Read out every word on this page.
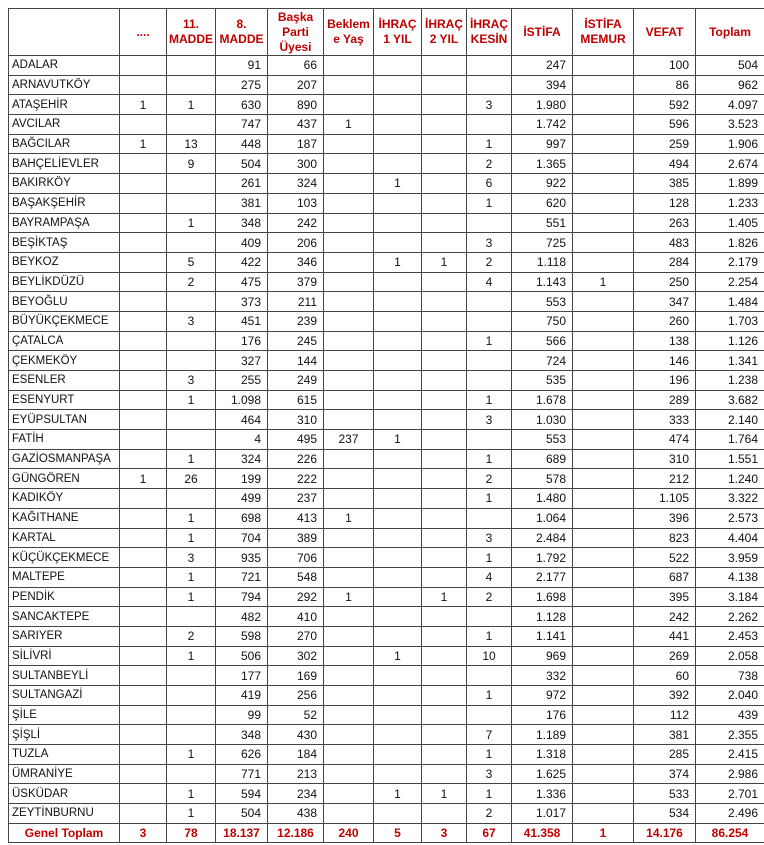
	....	11. MADDE	8. MADDE	Başka Parti Üyesi	Beklem e Yaş	İHRAÇ 1 YIL	İHRAÇ 2 YIL	İHRAÇ KESİN	İSTİFA	İSTİFA MEMUR	VEFAT	Toplam
ADALAR			91	66					247		100	504
ARNAVUTKÖY			275	207					394		86	962
ATAŞEHİR	1	1	630	890				3	1.980		592	4.097
AVCILAR			747	437	1				1.742		596	3.523
BAĞCILAR	1	13	448	187				1	997		259	1.906
BAHÇELİEVLER		9	504	300				2	1.365		494	2.674
BAKIRKÖY			261	324		1		6	922		385	1.899
BAŞAKŞEHİR			381	103				1	620		128	1.233
BAYRAMPAŞA		1	348	242					551		263	1.405
BEŞİKTAŞ			409	206				3	725		483	1.826
BEYKOZ		5	422	346		1	1	2	1.118		284	2.179
BEYLİKDÜZÜ		2	475	379				4	1.143	1	250	2.254
BEYOĞLU			373	211					553		347	1.484
BÜYÜKÇEKMECE		3	451	239					750		260	1.703
ÇATALCA			176	245				1	566		138	1.126
ÇEKMEKÖY			327	144					724		146	1.341
ESENLER		3	255	249					535		196	1.238
ESENYURT		1	1.098	615				1	1.678		289	3.682
EYÜPSULTAN			464	310				3	1.030		333	2.140
FATİH			4	495	237	1			553		474	1.764
GAZİOSMANPAŞA		1	324	226				1	689		310	1.551
GÜNGÖREN	1	26	199	222				2	578		212	1.240
KADIKÖY			499	237				1	1.480		1.105	3.322
KAĞITHANE		1	698	413	1				1.064		396	2.573
KARTAL		1	704	389				3	2.484		823	4.404
KÜÇÜKÇEKMECE		3	935	706				1	1.792		522	3.959
MALTEPE		1	721	548				4	2.177		687	4.138
PENDİK		1	794	292	1		1	2	1.698		395	3.184
SANCAKTEPE			482	410					1.128		242	2.262
SARIYER		2	598	270				1	1.141		441	2.453
SİLİVRİ		1	506	302		1		10	969		269	2.058
SULTANBEYLİ			177	169					332		60	738
SULTANGAZİ			419	256				1	972		392	2.040
ŞİLE			99	52					176		112	439
ŞİŞLİ			348	430				7	1.189		381	2.355
TUZLA		1	626	184				1	1.318		285	2.415
ÜMRANİYE			771	213				3	1.625		374	2.986
ÜSKÜDAR		1	594	234		1	1	1	1.336		533	2.701
ZEYTİNBURNU		1	504	438				2	1.017		534	2.496
Genel Toplam	3	78	18.137	12.186	240	5	3	67	41.358	1	14.176	86.254
